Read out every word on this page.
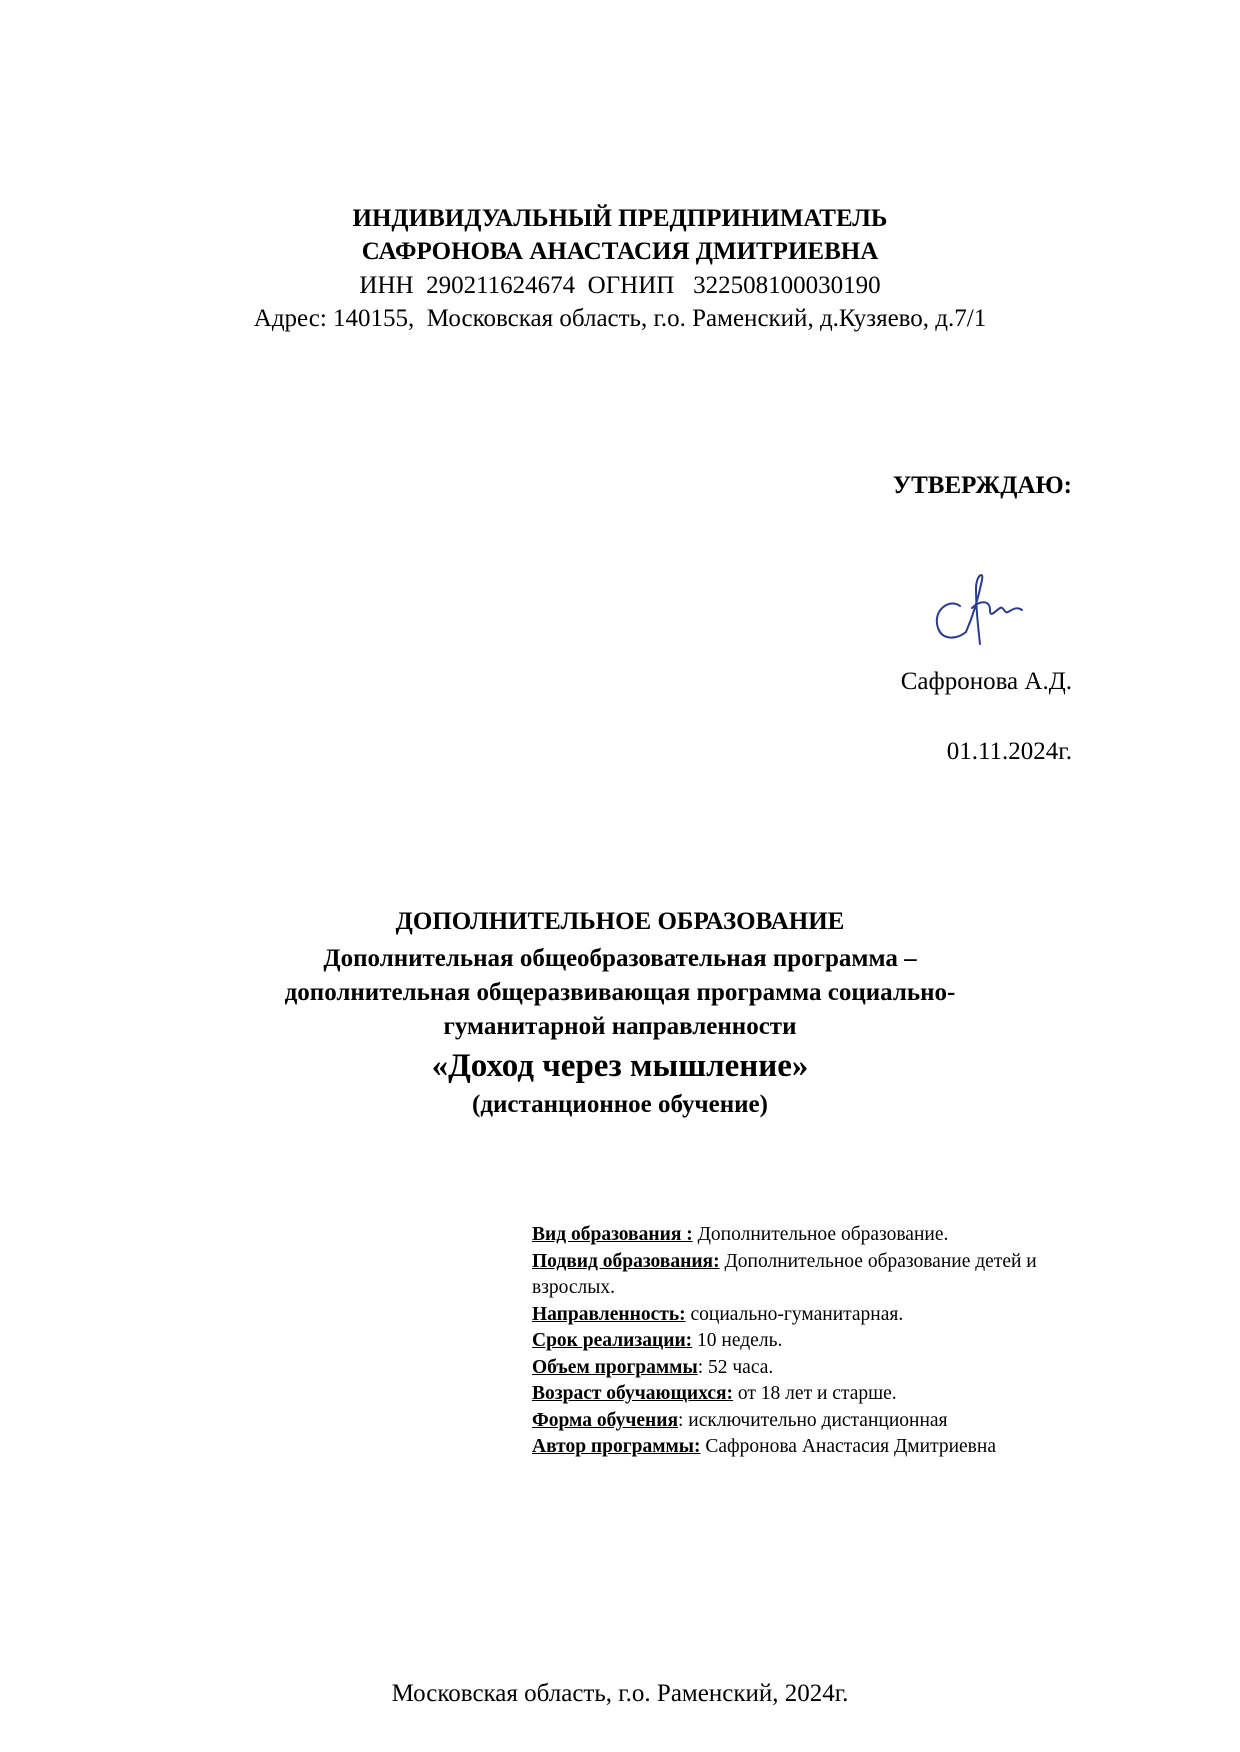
ИНДИВИДУАЛЬНЫЙ ПРЕДПРИНИМАТЕЛЬ
САФРОНОВА АНАСТАСИЯ ДМИТРИЕВНА
ИНН  290211624674  ОГНИП   322508100030190
Адрес: 140155,  Московская область, г.о. Раменский, д.Кузяево, д.7/1
УТВЕРЖДАЮ:
Сафронова А.Д.
01.11.2024г.
ДОПОЛНИТЕЛЬНОЕ ОБРАЗОВАНИЕ
Дополнительная общеобразовательная программа –
дополнительная общеразвивающая программа социально-
гуманитарной направленности
«Доход через мышление»
(дистанционное обучение)
Вид образования : Дополнительное образование.
Подвид образования: Дополнительное образование детей и взрослых.
Направленность: социально-гуманитарная.
Срок реализации: 10 недель.
Объем программы: 52 часа.
Возраст обучающихся: от 18 лет и старше.
Форма обучения: исключительно дистанционная
Автор программы: Сафронова Анастасия Дмитриевна
Московская область, г.о. Раменский, 2024г.
